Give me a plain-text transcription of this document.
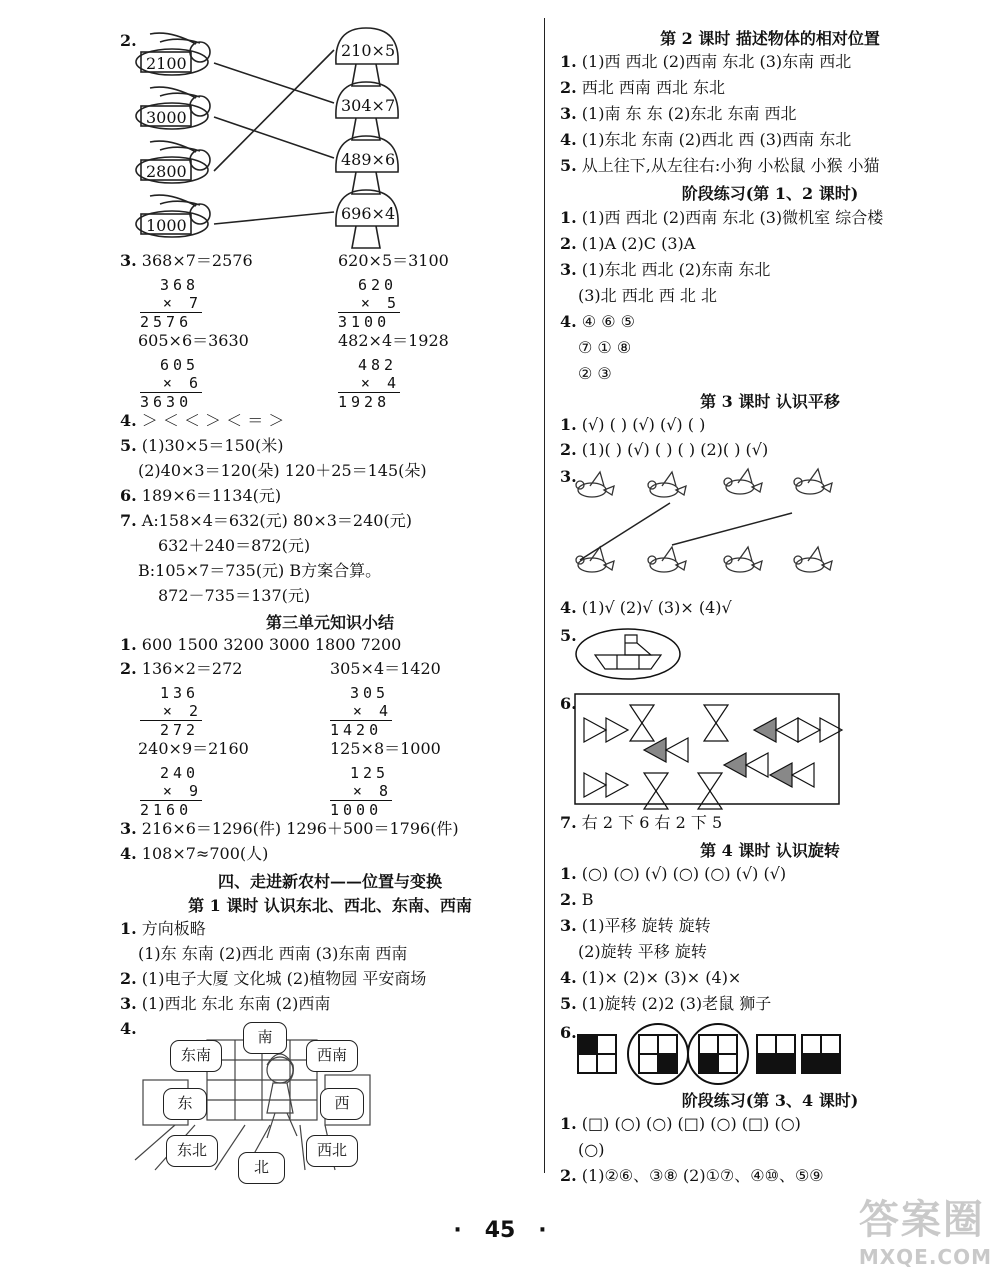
2.
2100
3000
2800
1000
210×5
304×7
489×6
696×4
3. 368×7＝2576	620×5＝3100
368
× 7
2576
620
× 5
3100
605×6＝3630	482×4＝1928
605
× 6
3630
482
× 4
1928
4. ＞ ＜ ＜ ＞ ＜ ＝ ＞
5. (1)30×5＝150(米)
(2)40×3＝120(朵) 120＋25＝145(朵)
6. 189×6＝1134(元)
7. A:158×4＝632(元) 80×3＝240(元)
632＋240＝872(元)
B:105×7＝735(元) B方案合算。
872－735＝137(元)
第三单元知识小结
1. 600 1500 3200 3000 1800 7200
2. 136×2＝272	305×4＝1420
136
× 2
272
305
× 4
1420
240×9＝2160	125×8＝1000
240
× 9
2160
125
× 8
1000
3. 216×6＝1296(件) 1296＋500＝1796(件)
4. 108×7≈700(人)
四、走进新农村——位置与变换
第 1 课时 认识东北、西北、东南、西南
1. 方向板略
(1)东 东南 (2)西北 西南 (3)东南 西南
2. (1)电子大厦 文化城 (2)植物园 平安商场
3. (1)西北 东北 东南 (2)西南
4.	南
东南	西南
东	西
东北	西北
北
第 2 课时 描述物体的相对位置
1. (1)西 西北 (2)西南 东北 (3)东南 西北
2. 西北 西南 西北 东北
3. (1)南 东 东 (2)东北 东南 西北
4. (1)东北 东南 (2)西北 西 (3)西南 东北
5. 从上往下,从左往右:小狗 小松鼠 小猴 小猫
阶段练习(第 1、2 课时)
1. (1)西 西北 (2)西南 东北 (3)微机室 综合楼
2. (1)A (2)C (3)A
3. (1)东北 西北 (2)东南 东北
(3)北 西北 西 北 北
4. ④ ⑥ ⑤
⑦ ① ⑧
② ③
第 3 课时 认识平移
1. (√) ( ) (√) (√) ( )
2. (1)( ) (√) ( ) ( ) (2)( ) (√)
3.
4. (1)√ (2)√ (3)× (4)√
5.
6.
7. 右 2 下 6 右 2 下 5
第 4 课时 认识旋转
1. (○) (○) (√) (○) (○) (√) (√)
2. B
3. (1)平移 旋转 旋转
(2)旋转 平移 旋转
4. (1)× (2)× (3)× (4)×
5. (1)旋转 (2)2 (3)老鼠 狮子
6.
阶段练习(第 3、4 课时)
1. (□) (○) (○) (□) (○) (□) (○)
(○)
2. (1)②⑥、③⑧ (2)①⑦、④⑩、⑤⑨
·   45   ·	答案圈
MXQE.COM
